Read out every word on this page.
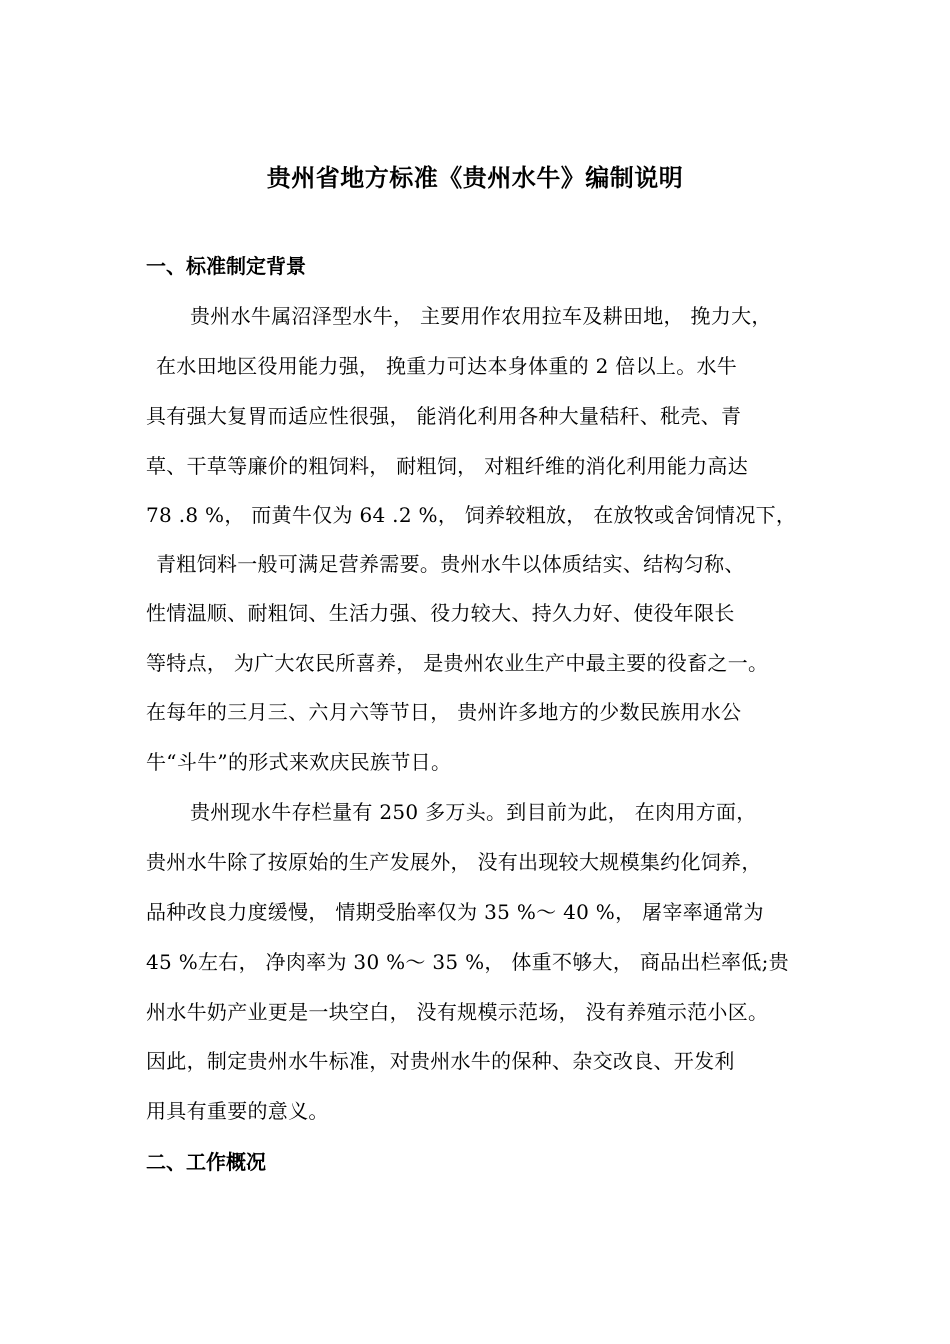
贵州省地方标准《贵州水牛》编制说明
一、标准制定背景
贵州水牛属沼泽型水牛， 主要用作农用拉车及耕田地， 挽力大，
在水田地区役用能力强， 挽重力可达本身体重的 2 倍以上。水牛
具有强大复胃而适应性很强， 能消化利用各种大量秸秆、秕壳、青
草、干草等廉价的粗饲料， 耐粗饲， 对粗纤维的消化利用能力高达
78 .8 %， 而黄牛仅为 64 .2 %， 饲养较粗放， 在放牧或舍饲情况下，
青粗饲料一般可满足营养需要。贵州水牛以体质结实、结构匀称、
性情温顺、耐粗饲、生活力强、役力较大、持久力好、使役年限长
等特点， 为广大农民所喜养， 是贵州农业生产中最主要的役畜之一。
在每年的三月三、六月六等节日， 贵州许多地方的少数民族用水公
牛“斗牛”的形式来欢庆民族节日。
贵州现水牛存栏量有 250 多万头。到目前为此， 在肉用方面，
贵州水牛除了按原始的生产发展外， 没有出现较大规模集约化饲养，
品种改良力度缓慢， 情期受胎率仅为 35 %～ 40 %， 屠宰率通常为
45 %左右， 净肉率为 30 %～ 35 %， 体重不够大， 商品出栏率低;贵
州水牛奶产业更是一块空白， 没有规模示范场， 没有养殖示范小区。
因此，制定贵州水牛标准，对贵州水牛的保种、杂交改良、开发利
用具有重要的意义。
二、工作概况
